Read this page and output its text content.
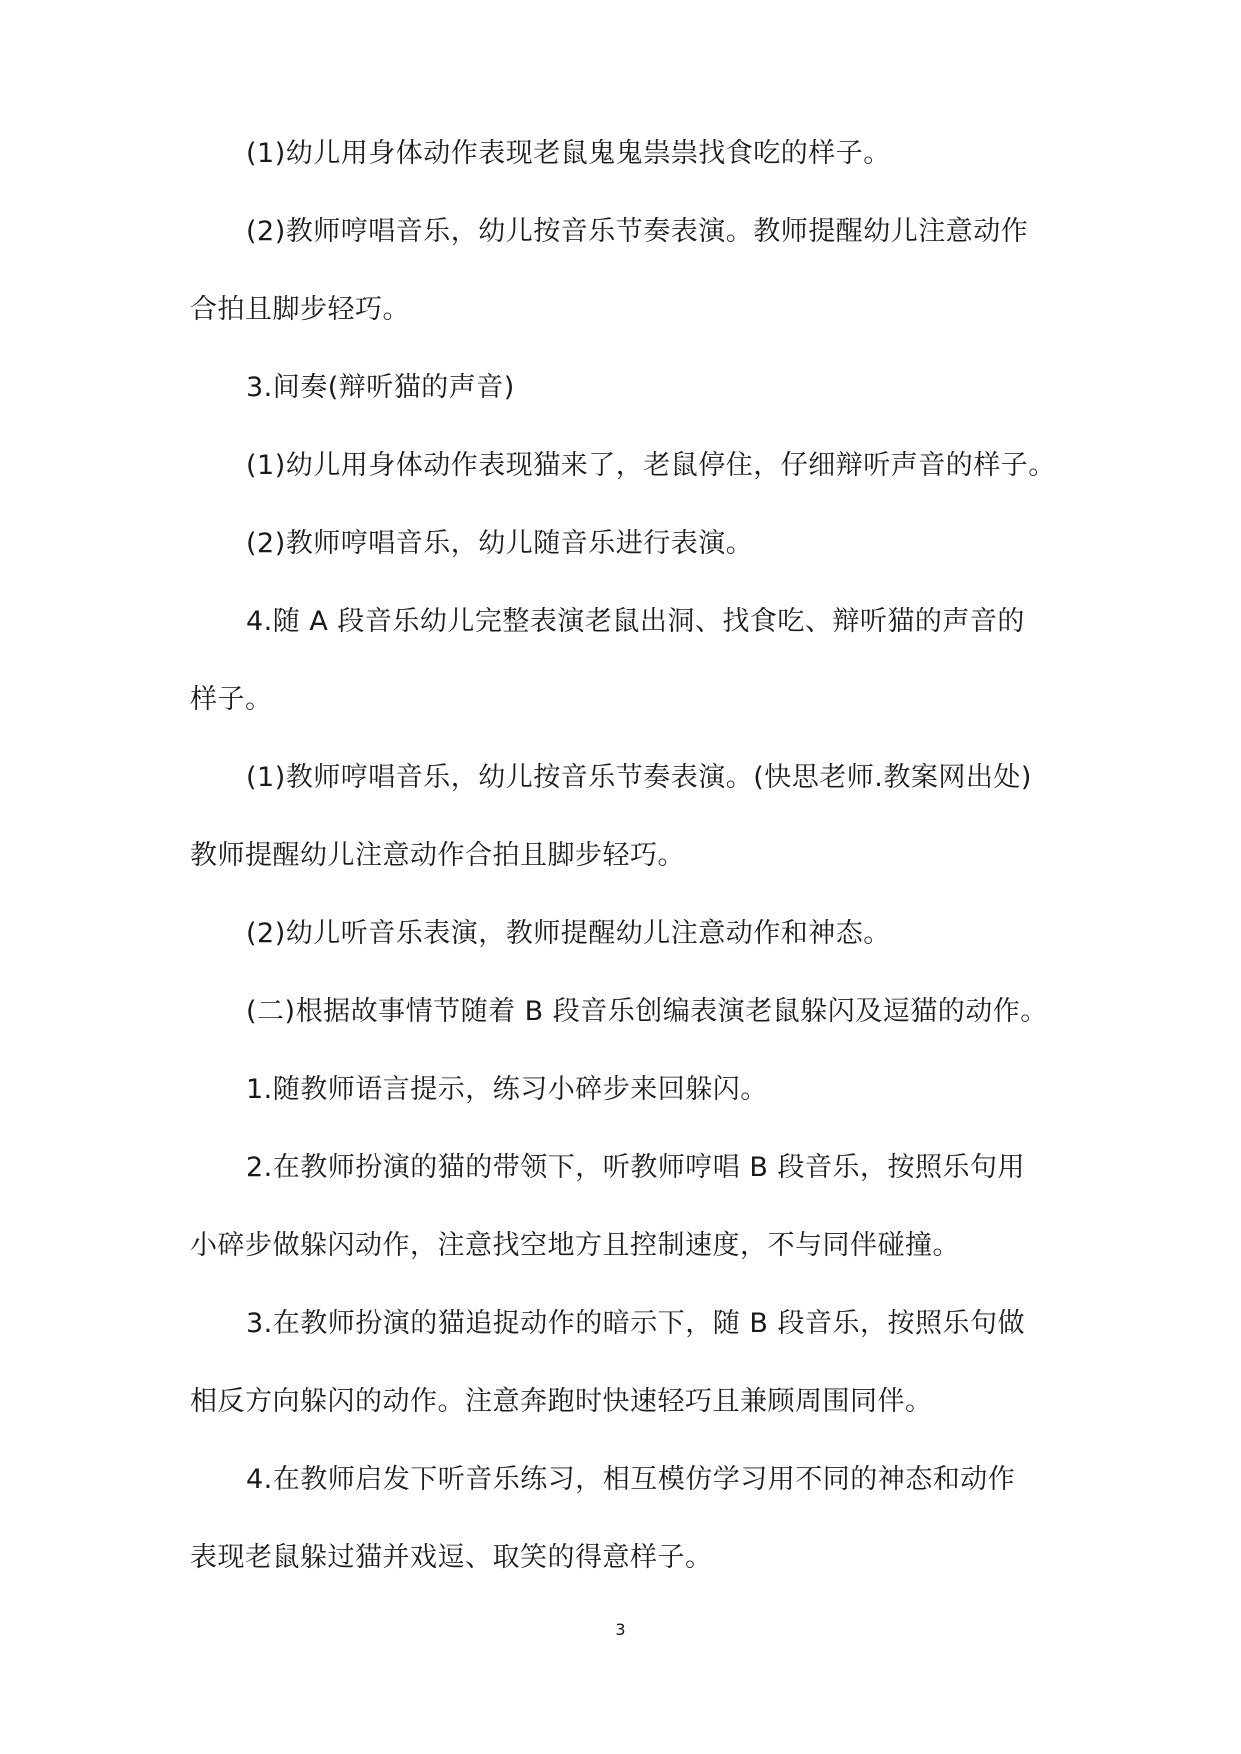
(1)幼儿用身体动作表现老鼠鬼鬼祟祟找食吃的样子。
(2)教师哼唱音乐，幼儿按音乐节奏表演。教师提醒幼儿注意动作
合拍且脚步轻巧。
3.间奏(辩听猫的声音)
(1)幼儿用身体动作表现猫来了，老鼠停住，仔细辩听声音的样子。
(2)教师哼唱音乐，幼儿随音乐进行表演。
4.随 A 段音乐幼儿完整表演老鼠出洞、找食吃、辩听猫的声音的
样子。
(1)教师哼唱音乐，幼儿按音乐节奏表演。(快思老师.教案网出处)
教师提醒幼儿注意动作合拍且脚步轻巧。
(2)幼儿听音乐表演，教师提醒幼儿注意动作和神态。
(二)根据故事情节随着 B 段音乐创编表演老鼠躲闪及逗猫的动作。
1.随教师语言提示，练习小碎步来回躲闪。
2.在教师扮演的猫的带领下，听教师哼唱 B 段音乐，按照乐句用
小碎步做躲闪动作，注意找空地方且控制速度，不与同伴碰撞。
3.在教师扮演的猫追捉动作的暗示下，随 B 段音乐，按照乐句做
相反方向躲闪的动作。注意奔跑时快速轻巧且兼顾周围同伴。
4.在教师启发下听音乐练习，相互模仿学习用不同的神态和动作
表现老鼠躲过猫并戏逗、取笑的得意样子。
3
